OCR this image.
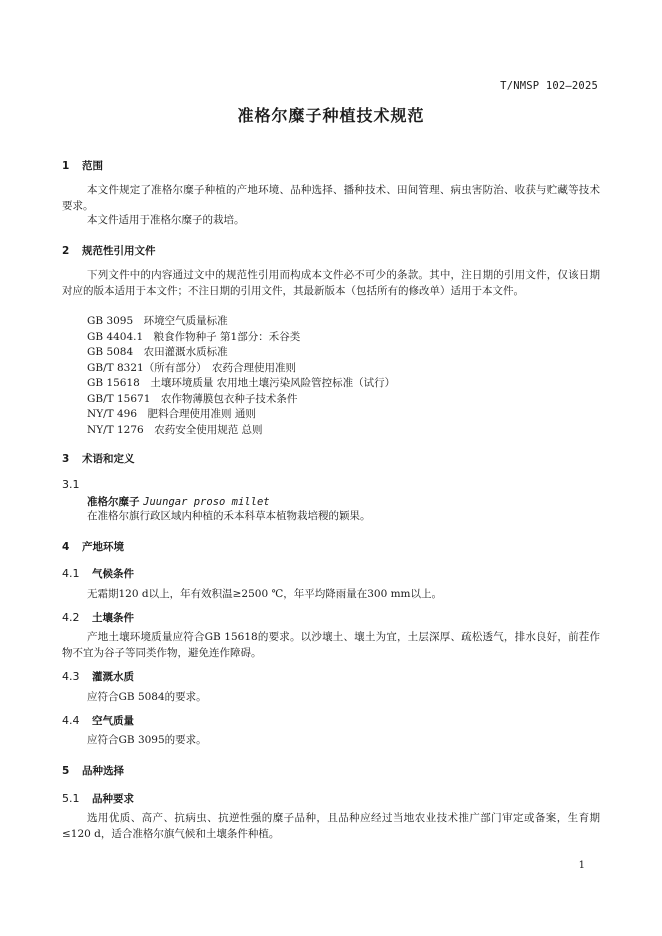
T/NMSP 102—2025
准格尔糜子种植技术规范
1 范围
本文件规定了准格尔糜子种植的产地环境、品种选择、播种技术、田间管理、病虫害防治、收获与贮藏等技术要求。
本文件适用于准格尔糜子的栽培。
2 规范性引用文件
下列文件中的内容通过文中的规范性引用而构成本文件必不可少的条款。其中，注日期的引用文件，仅该日期对应的版本适用于本文件；不注日期的引用文件，其最新版本（包括所有的修改单）适用于本文件。
GB 3095　环境空气质量标准
GB 4404.1　粮食作物种子 第1部分：禾谷类
GB 5084　农田灌溉水质标准
GB/T 8321（所有部分）　农药合理使用准则
GB 15618　土壤环境质量 农用地土壤污染风险管控标准（试行）
GB/T 15671　农作物薄膜包衣种子技术条件
NY/T 496　肥料合理使用准则 通则
NY/T 1276　农药安全使用规范 总则
3 术语和定义
3.1
准格尔糜子 Juungar proso millet
在准格尔旗行政区域内种植的禾本科草本植物栽培稷的颖果。
4 产地环境
4.1 气候条件
无霜期120 d以上，年有效积温≥2500 ℃，年平均降雨量在300 mm以上。
4.2 土壤条件
产地土壤环境质量应符合GB 15618的要求。以沙壤土、壤土为宜，土层深厚、疏松透气，排水良好，前茬作物不宜为谷子等同类作物，避免连作障碍。
4.3 灌溉水质
应符合GB 5084的要求。
4.4 空气质量
应符合GB 3095的要求。
5 品种选择
5.1 品种要求
选用优质、高产、抗病虫、抗逆性强的糜子品种，且品种应经过当地农业技术推广部门审定或备案，生育期≤120 d，适合准格尔旗气候和土壤条件种植。
1
